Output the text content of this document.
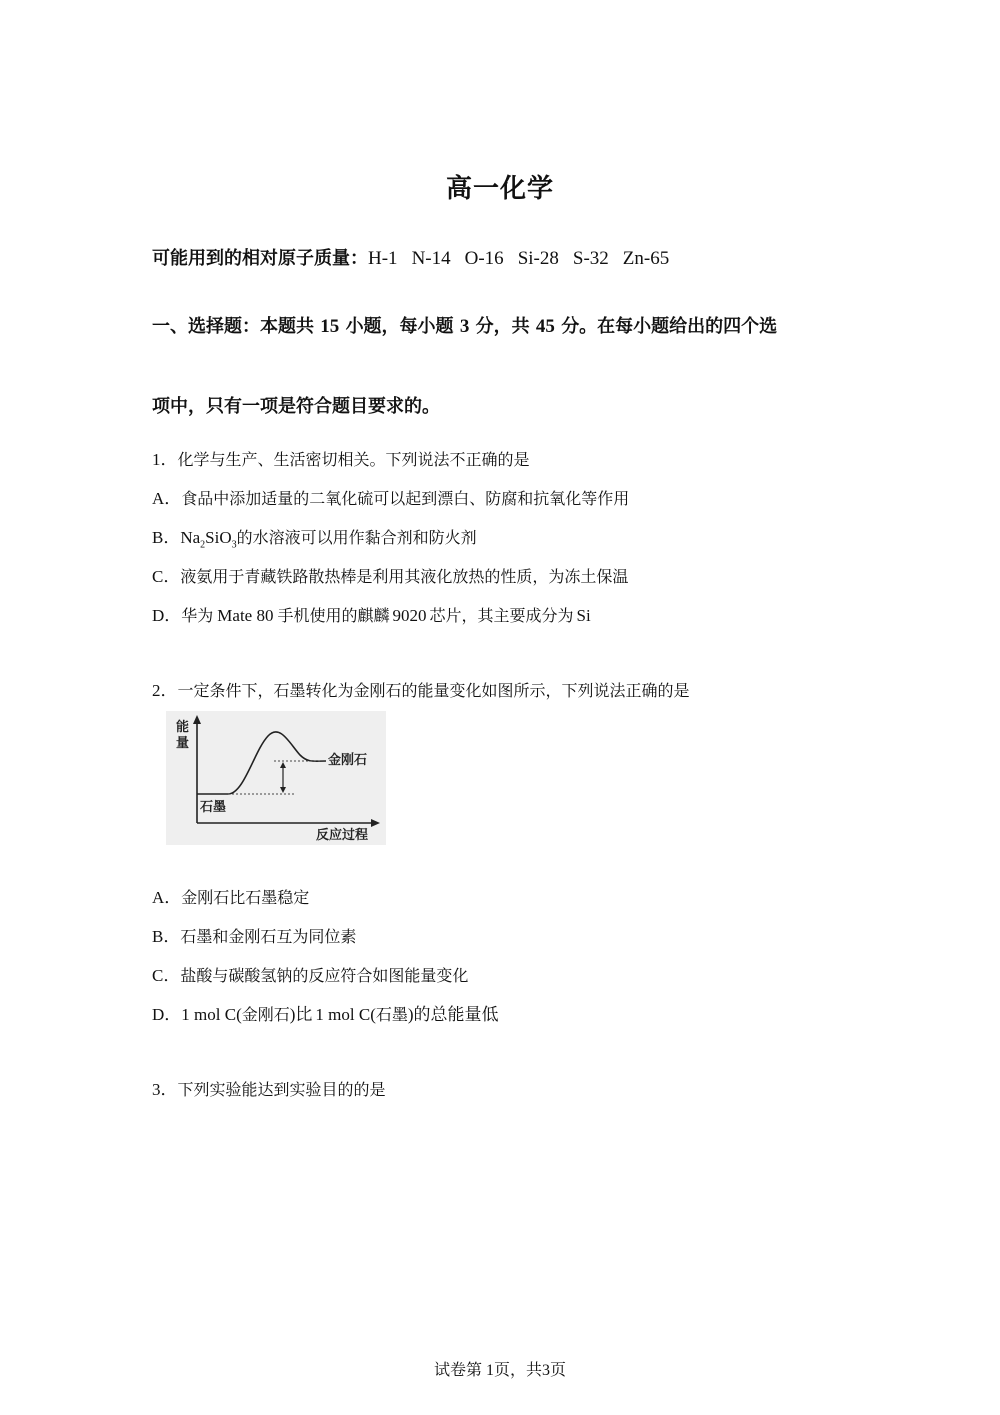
高一化学
可能用到的相对原子质量：H-1 N-14 O-16 Si-28 S-32 Zn-65
一、选择题：本题共 15 小题，每小题 3 分，共 45 分。在每小题给出的四个选
项中，只有一项是符合题目要求的。
1．化学与生产、生活密切相关。下列说法不正确的是
A．食品中添加适量的二氧化硫可以起到漂白、防腐和抗氧化等作用
B．$Na_2SiO_3$的水溶液可以用作黏合剂和防火剂
C．液氨用于青藏铁路散热棒是利用其液化放热的性质，为冻土保温
D．华为 Mate 80 手机使用的麒麟 9020 芯片，其主要成分为 Si
2．一定条件下，石墨转化为金刚石的能量变化如图所示，下列说法正确的是
能
量
石墨
金刚石
反应过程
A．金刚石比石墨稳定
B．石墨和金刚石互为同位素
C．盐酸与碳酸氢钠的反应符合如图能量变化
D．1 mol C(金刚石)比 1 mol C(石墨)的总能量低
3．下列实验能达到实验目的的是
试卷第 1页，共3页
